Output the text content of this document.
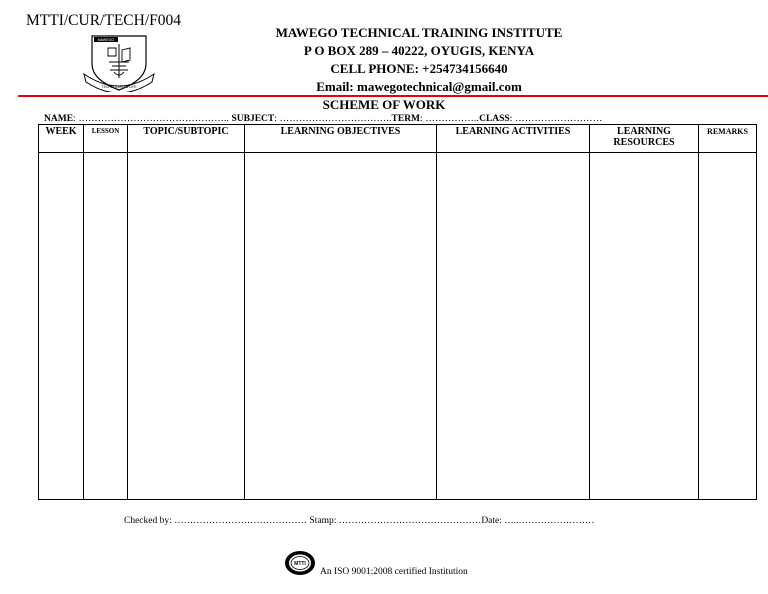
MTTI/CUR/TECH/F004
MAWEGO
TECHNOLOGY & LIFE
MAWEGO TECHNICAL TRAINING INSTITUTE
P O BOX 289 – 40222, OYUGIS, KENYA
CELL PHONE: +254734156640
Email: mawegotechnical@gmail.com
SCHEME OF WORK
NAME: ……………………………………….. SUBJECT: ……………………………..TERM: ……………..CLASS: ………………………
WEEK	LESSON	TOPIC/SUBTOPIC	LEARNING OBJECTIVES	LEARNING ACTIVITIES	LEARNING RESOURCES	REMARKS

Checked by: …………………………………… Stamp: ………………………………………Date: …..……………………
MTTI
An ISO 9001:2008 certified Institution
